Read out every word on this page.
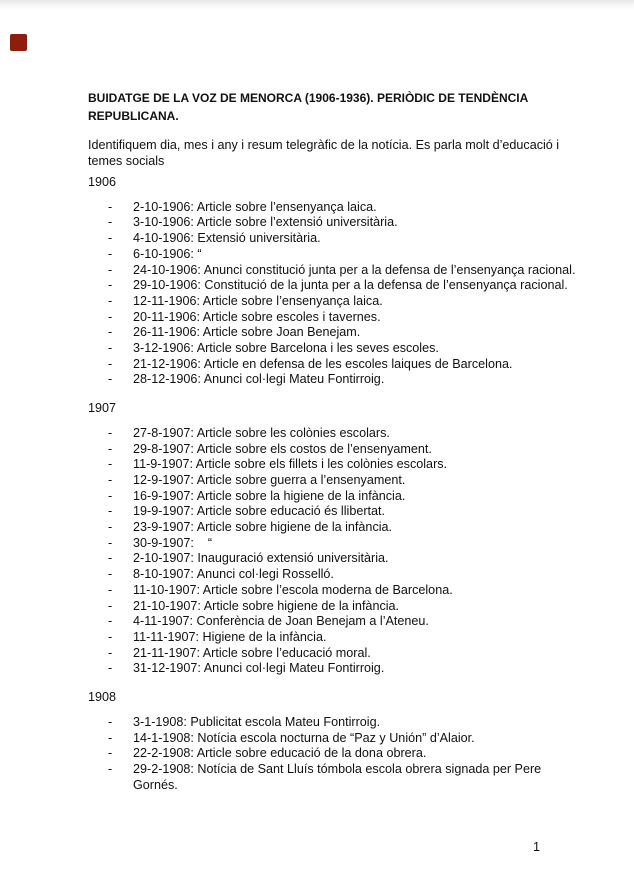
BUIDATGE DE LA VOZ DE MENORCA (1906-1936). PERIÒDIC DE TENDÈNCIA
REPUBLICANA.
Identifiquem dia, mes i any i resum telegràfic de la notícia. Es parla molt d’educació i
temes socials
1906
- 2-10-1906: Article sobre l’ensenyança laica.
- 3-10-1906: Article sobre l’extensió universitària.
- 4-10-1906: Extensió universitària.
- 6-10-1906: “
- 24-10-1906: Anunci constitució junta per a la defensa de l’ensenyança racional.
- 29-10-1906: Constitució de la junta per a la defensa de l’ensenyança racional.
- 12-11-1906: Article sobre l’ensenyança laica.
- 20-11-1906: Article sobre escoles i tavernes.
- 26-11-1906: Article sobre Joan Benejam.
- 3-12-1906: Article sobre Barcelona i les seves escoles.
- 21-12-1906: Article en defensa de les escoles laiques de Barcelona.
- 28-12-1906: Anunci col·legi Mateu Fontirroig.
1907
- 27-8-1907: Article sobre les colònies escolars.
- 29-8-1907: Article sobre els costos de l’ensenyament.
- 11-9-1907: Article sobre els fillets i les colònies escolars.
- 12-9-1907: Article sobre guerra a l’ensenyament.
- 16-9-1907: Article sobre la higiene de la infància.
- 19-9-1907: Article sobre educació és llibertat.
- 23-9-1907: Article sobre higiene de la infància.
- 30-9-1907:    “
- 2-10-1907: Inauguració extensió universitària.
- 8-10-1907: Anunci col·legi Rosselló.
- 11-10-1907: Article sobre l’escola moderna de Barcelona.
- 21-10-1907: Article sobre higiene de la infància.
- 4-11-1907: Conferència de Joan Benejam a l’Ateneu.
- 11-11-1907: Higiene de la infància.
- 21-11-1907: Article sobre l’educació moral.
- 31-12-1907: Anunci col·legi Mateu Fontirroig.
1908
- 3-1-1908: Publicitat escola Mateu Fontirroig.
- 14-1-1908: Notícia escola nocturna de “Paz y Unión” d’Alaior.
- 22-2-1908: Article sobre educació de la dona obrera.
- 29-2-1908: Notícia de Sant Lluís tómbola escola obrera signada per Pere Gornés.
1
